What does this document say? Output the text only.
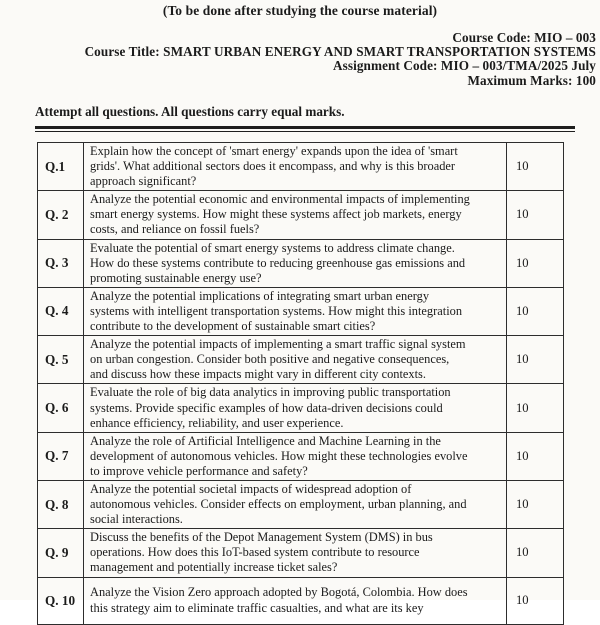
(To be done after studying the course material)
Course Code: MIO – 003
Course Title: SMART URBAN ENERGY AND SMART TRANSPORTATION SYSTEMS
Assignment Code: MIO – 003/TMA/2025 July
Maximum Marks: 100
Attempt all questions. All questions carry equal marks.
Q.1	Explain how the concept of 'smart energy' expands upon the idea of 'smart
grids'. What additional sectors does it encompass, and why is this broader
approach significant?	10
Q. 2	Analyze the potential economic and environmental impacts of implementing
smart energy systems. How might these systems affect job markets, energy
costs, and reliance on fossil fuels?	10
Q. 3	Evaluate the potential of smart energy systems to address climate change.
How do these systems contribute to reducing greenhouse gas emissions and
promoting sustainable energy use?	10
Q. 4	Analyze the potential implications of integrating smart urban energy
systems with intelligent transportation systems. How might this integration
contribute to the development of sustainable smart cities?	10
Q. 5	Analyze the potential impacts of implementing a smart traffic signal system
on urban congestion. Consider both positive and negative consequences,
and discuss how these impacts might vary in different city contexts.	10
Q. 6	Evaluate the role of big data analytics in improving public transportation
systems. Provide specific examples of how data-driven decisions could
enhance efficiency, reliability, and user experience.	10
Q. 7	Analyze the role of Artificial Intelligence and Machine Learning in the
development of autonomous vehicles. How might these technologies evolve
to improve vehicle performance and safety?	10
Q. 8	Analyze the potential societal impacts of widespread adoption of
autonomous vehicles. Consider effects on employment, urban planning, and
social interactions.	10
Q. 9	Discuss the benefits of the Depot Management System (DMS) in bus
operations. How does this IoT-based system contribute to resource
management and potentially increase ticket sales?	10
Q. 10	Analyze the Vision Zero approach adopted by Bogotá, Colombia. How does
this strategy aim to eliminate traffic casualties, and what are its key	10
